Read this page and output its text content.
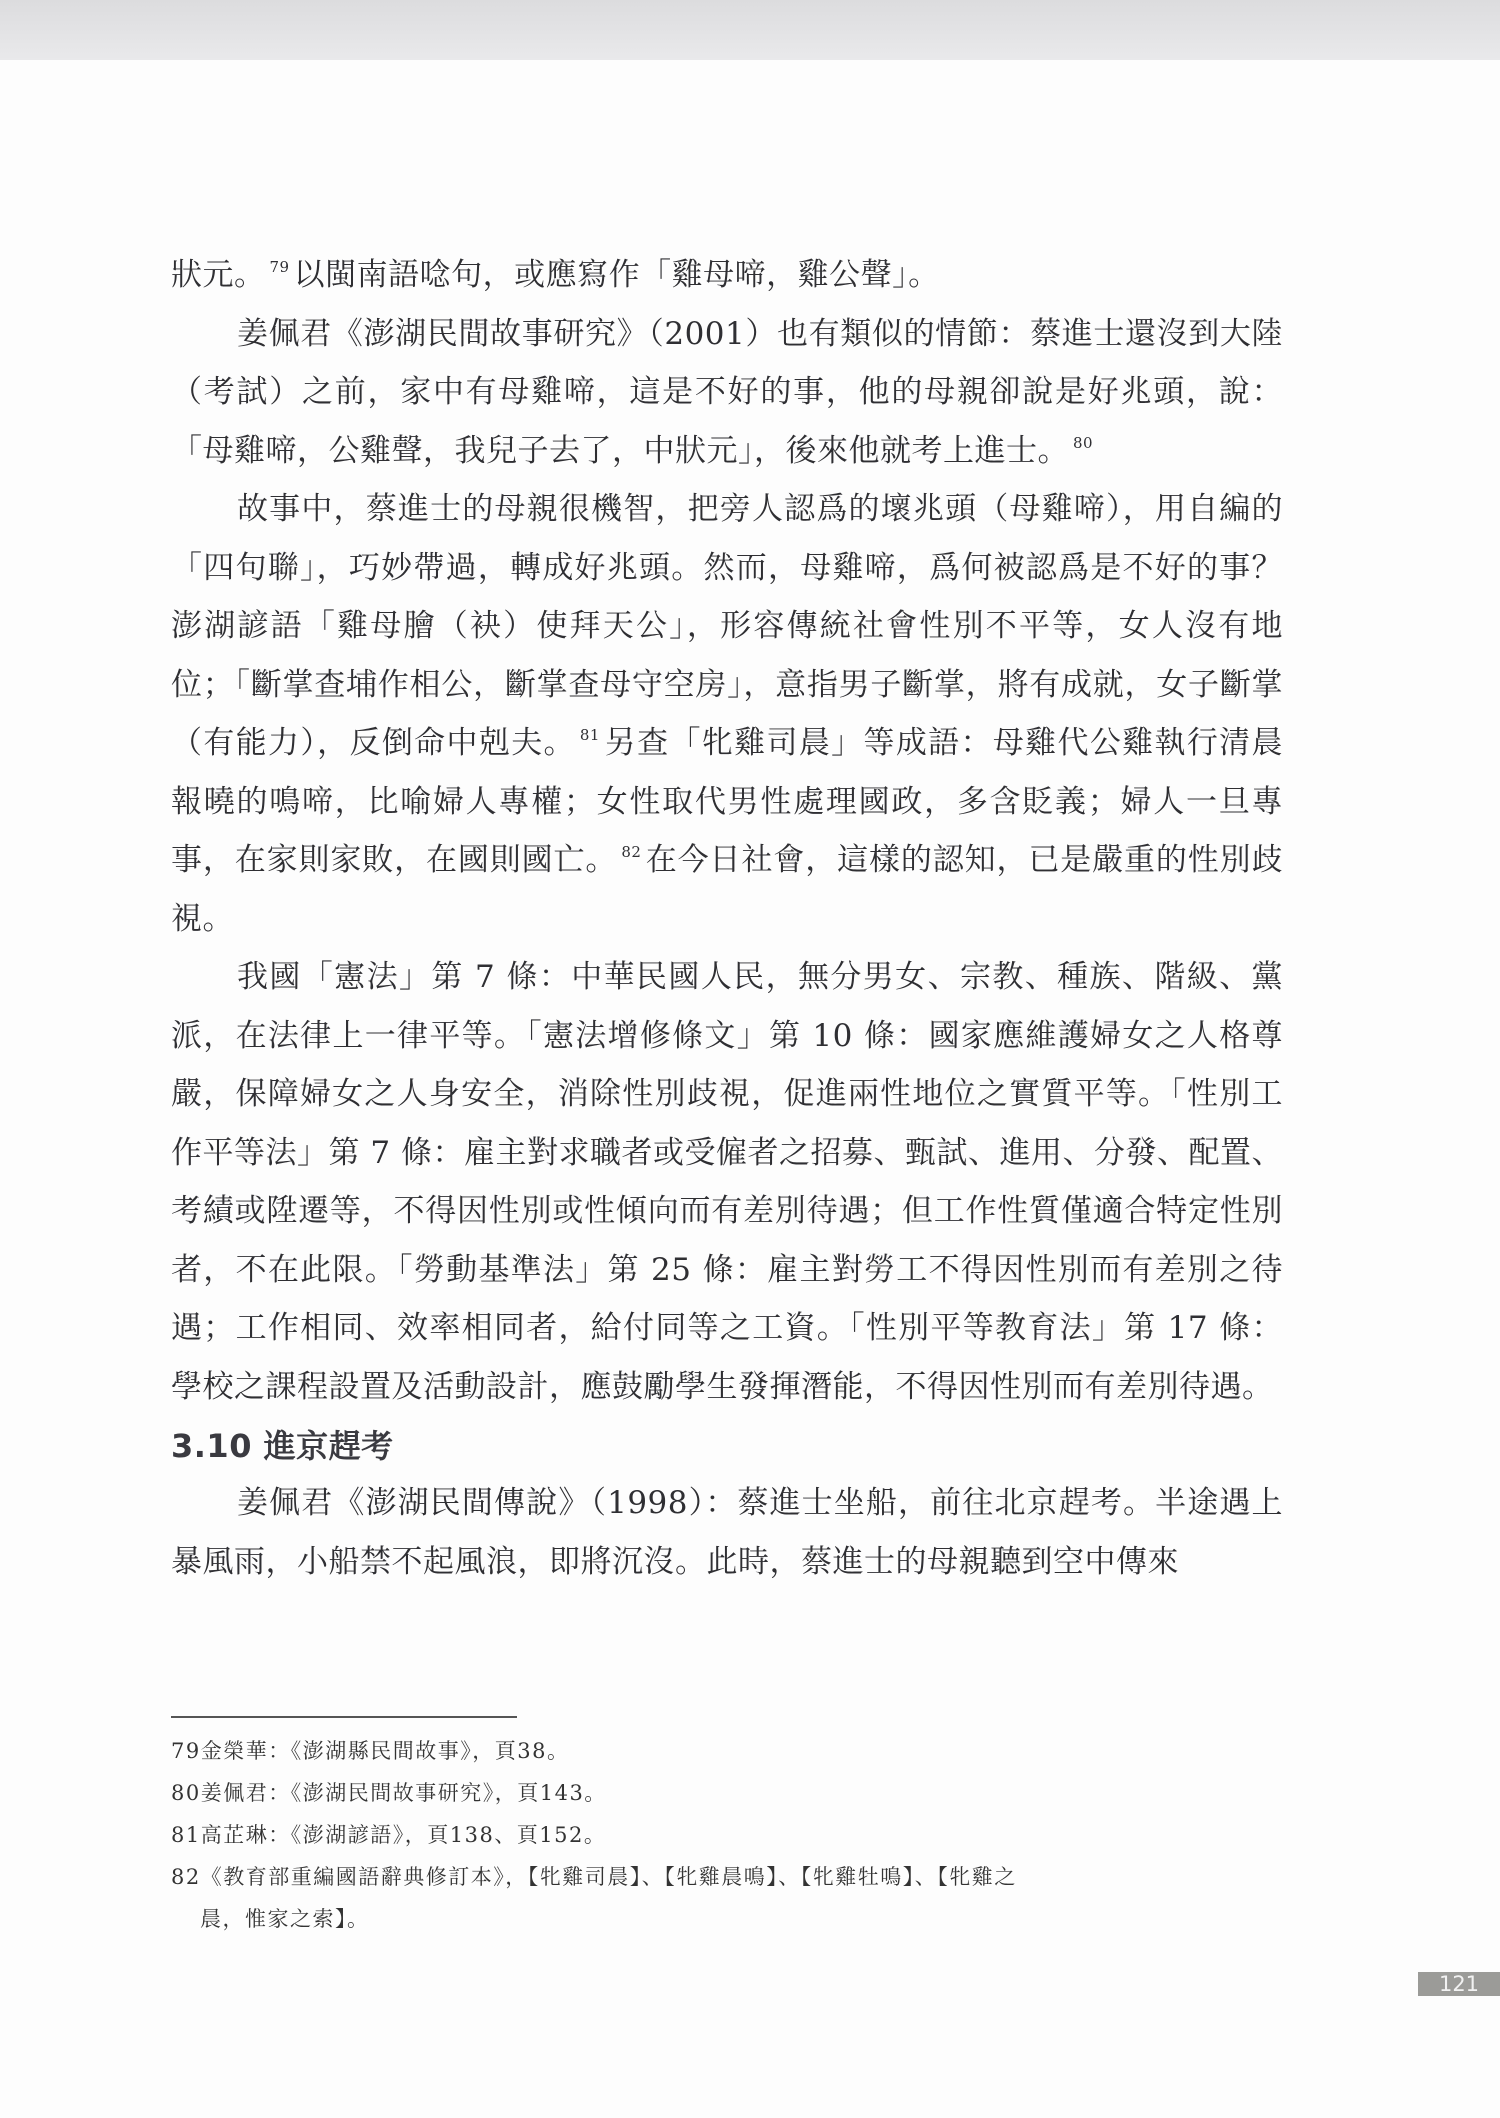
狀元。 $^{79}$ 以閩南語唸句，或應寫作「雞母啼，雞公聲」。

姜佩君《澎湖民間故事研究》（2001）也有類似的情節：蔡進士還沒到大陸（考試）之前，家中有母雞啼，這是不好的事，他的母親卻說是好兆頭，說：「母雞啼，公雞聲，我兒子去了，中狀元」，後來他就考上進士。 $^{80}$

故事中，蔡進士的母親很機智，把旁人認爲的壞兆頭（母雞啼），用自編的「四句聯」，巧妙帶過，轉成好兆頭。然而，母雞啼，爲何被認爲是不好的事？澎湖諺語「雞母膾（袂）使拜天公」，形容傳統社會性別不平等，女人沒有地位；「斷掌查埔作相公，斷掌查母守空房」，意指男子斷掌，將有成就，女子斷掌（有能力），反倒命中剋夫。 $^{81}$ 另查「牝雞司晨」等成語：母雞代公雞執行清晨報曉的鳴啼，比喻婦人專權；女性取代男性處理國政，多含貶義；婦人一旦專事，在家則家敗，在國則國亡。 $^{82}$ 在今日社會，這樣的認知，已是嚴重的性別歧視。

我國「憲法」第 7 條：中華民國人民，無分男女、宗教、種族、階級、黨派，在法律上一律平等。「憲法增修條文」第 10 條：國家應維護婦女之人格尊嚴，保障婦女之人身安全，消除性別歧視，促進兩性地位之實質平等。「性別工作平等法」第 7 條：雇主對求職者或受僱者之招募、甄試、進用、分發、配置、考績或陞遷等，不得因性別或性傾向而有差別待遇；但工作性質僅適合特定性別者，不在此限。「勞動基準法」第 25 條：雇主對勞工不得因性別而有差別之待遇；工作相同、效率相同者，給付同等之工資。「性別平等教育法」第 17 條：學校之課程設置及活動設計，應鼓勵學生發揮潛能，不得因性別而有差別待遇。

3.10 進京趕考

姜佩君《澎湖民間傳說》（1998）：蔡進士坐船，前往北京趕考。半途遇上暴風雨，小船禁不起風浪，即將沉沒。此時，蔡進士的母親聽到空中傳來

79金榮華：《澎湖縣民間故事》，頁38。

80姜佩君：《澎湖民間故事研究》，頁143。

81高芷琳：《澎湖諺語》，頁138、頁152。

82《教育部重編國語辭典修訂本》，【牝雞司晨】、【牝雞晨鳴】、【牝雞牡鳴】、【牝雞之

晨，惟家之索】。

121
